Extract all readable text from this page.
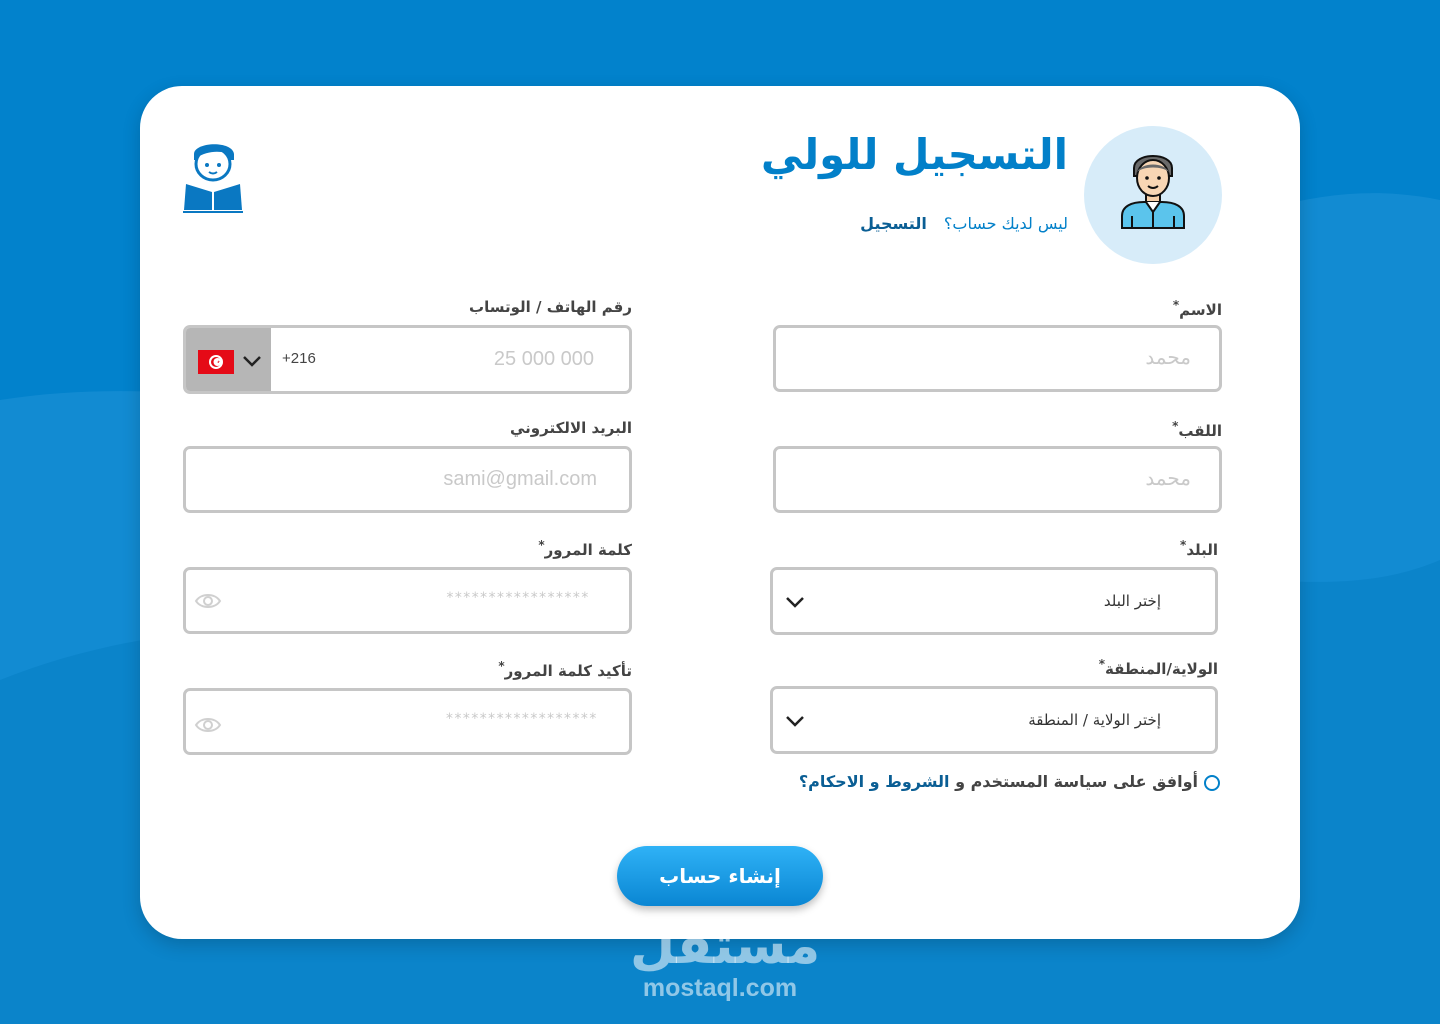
التسجيل للولي
ليس لديك حساب؟ التسجيل
الاسم*
محمد
اللقب*
محمد
البلد*
إختر البلد
الولاية/المنطقة*
إختر الولاية / المنطقة
أوافق على سياسة المستخدم و الشروط و الاحكام؟
رقم الهاتف / الوتساب
+216
25 000 000
البريد الالكتروني
sami@gmail.com
كلمة المرور*
*****************
تأكيد كلمة المرور*
******************
إنشاء حساب
مستقل
mostaql.com
